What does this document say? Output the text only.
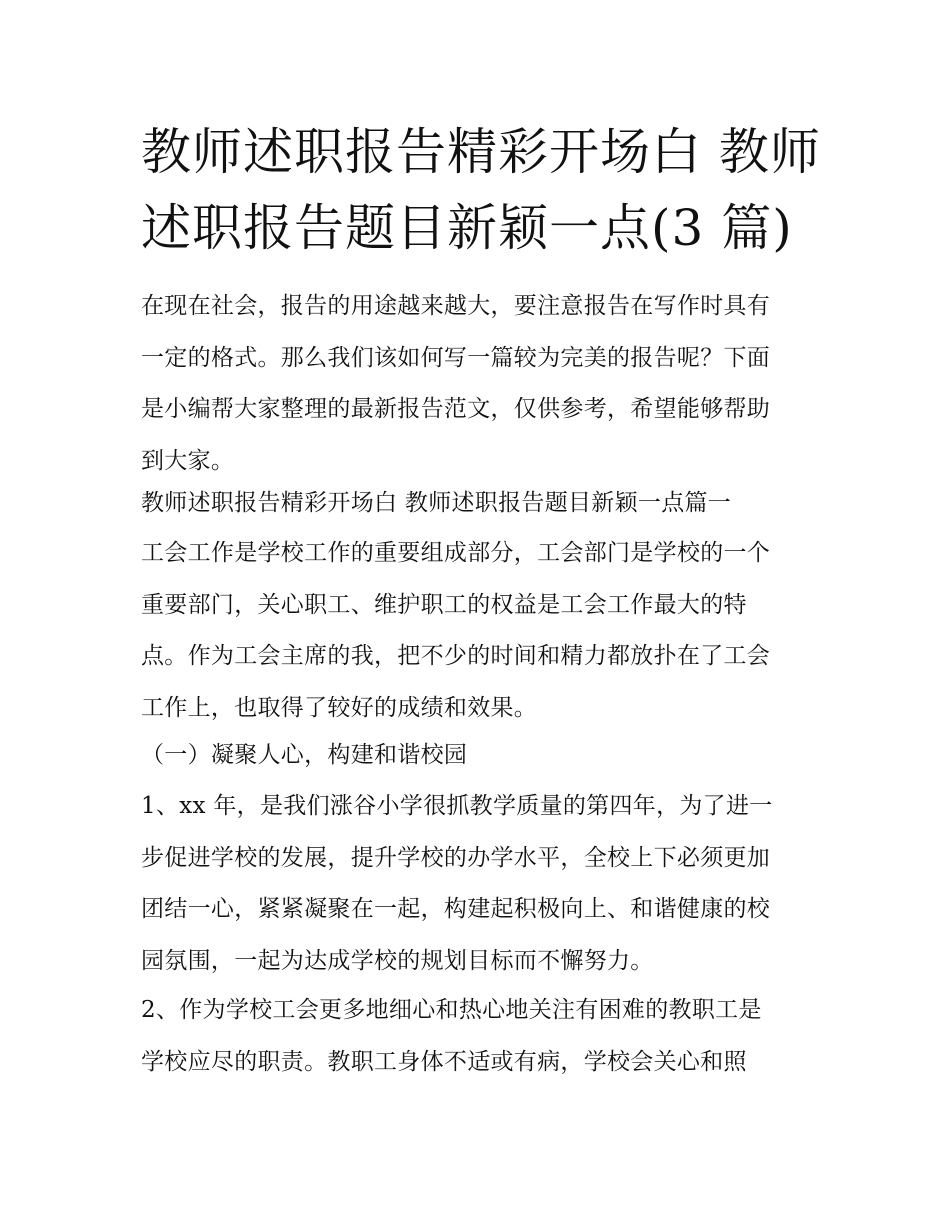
教师述职报告精彩开场白 教师
述职报告题目新颖一点(3 篇)
在现在社会，报告的用途越来越大，要注意报告在写作时具有
一定的格式。那么我们该如何写一篇较为完美的报告呢？下面
是小编帮大家整理的最新报告范文，仅供参考，希望能够帮助
到大家。
教师述职报告精彩开场白 教师述职报告题目新颖一点篇一
工会工作是学校工作的重要组成部分，工会部门是学校的一个
重要部门，关心职工、维护职工的权益是工会工作最大的特
点。作为工会主席的我，把不少的时间和精力都放扑在了工会
工作上，也取得了较好的成绩和效果。
（一）凝聚人心，构建和谐校园
1、xx 年，是我们涨谷小学很抓教学质量的第四年，为了进一
步促进学校的发展，提升学校的办学水平，全校上下必须更加
团结一心，紧紧凝聚在一起，构建起积极向上、和谐健康的校
园氛围，一起为达成学校的规划目标而不懈努力。
2、作为学校工会更多地细心和热心地关注有困难的教职工是
学校应尽的职责。教职工身体不适或有病，学校会关心和照
